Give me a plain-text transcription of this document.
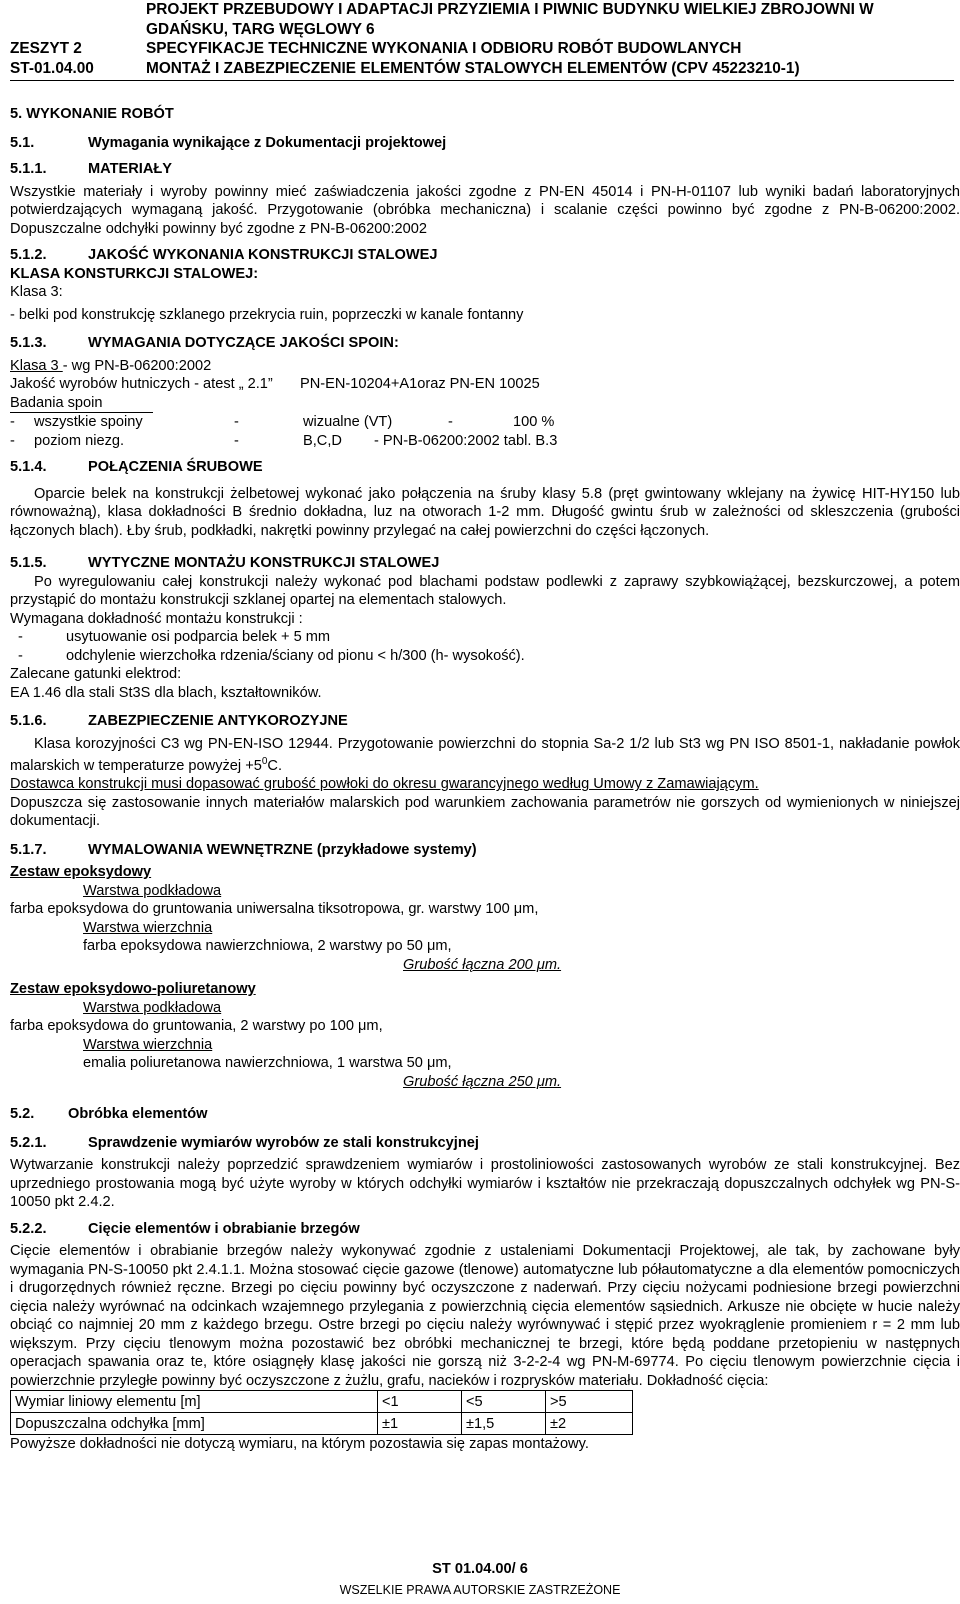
PROJEKT PRZEBUDOWY I ADAPTACJI PRZYZIEMIA I PIWNIC BUDYNKU WIELKIEJ ZBROJOWNI W
GDAŃSKU, TARG WĘGLOWY 6
ZESZYT 2	SPECYFIKACJE TECHNICZNE WYKONANIA I ODBIORU ROBÓT BUDOWLANYCH
ST-01.04.00	MONTAŻ I ZABEZPIECZENIE ELEMENTÓW STALOWYCH ELEMENTÓW (CPV 45223210-1)
5. WYKONANIE ROBÓT
5.1.	Wymagania wynikające z Dokumentacji projektowej
5.1.1.	MATERIAŁY

Wszystkie materiały i wyroby powinny mieć zaświadczenia jakości zgodne z PN-EN 45014 i PN-H-01107 lub wyniki badań laboratoryjnych potwierdzających wymaganą jakość. Przygotowanie (obróbka mechaniczna) i scalanie części powinno być zgodne z PN-B-06200:2002. Dopuszczalne odchyłki powinny być zgodne z PN-B-06200:2002

5.1.2.	JAKOŚĆ WYKONANIA KONSTRUKCJI STALOWEJ
KLASA KONSTURKCJI STALOWEJ:
Klasa 3:
- belki pod konstrukcję szklanego przekrycia ruin, poprzeczki w kanale fontanny
5.1.3.	WYMAGANIA DOTYCZĄCE JAKOŚCI SPOIN:
Klasa 3 - wg PN-B-06200:2002
Jakość wyrobów hutniczych - atest „ 2.1”	PN-EN-10204+A1oraz PN-EN 10025
Badania spoin
-	wszystkie spoiny	-	wizualne (VT)	-	100 %
-	poziom niezg.	-	B,C,D	- PN-B-06200:2002 tabl. B.3
5.1.4.	POŁĄCZENIA ŚRUBOWE

Oparcie belek na konstrukcji żelbetowej wykonać jako połączenia na śruby klasy 5.8 (pręt gwintowany wklejany na żywicę HIT-HY150 lub równoważną), klasa dokładności B średnio dokładna, luz na otworach 1-2 mm. Długość gwintu śrub w zależności od skleszczenia (grubości łączonych blach). Łby śrub, podkładki, nakrętki powinny przylegać na całej powierzchni do części łączonych.

5.1.5.	WYTYCZNE MONTAŻU KONSTRUKCJI STALOWEJ

Po wyregulowaniu całej konstrukcji należy wykonać pod blachami podstaw podlewki z zaprawy szybkowiążącej, bezskurczowej, a potem przystąpić do montażu konstrukcji szklanej opartej na elementach stalowych.

Wymagana dokładność montażu konstrukcji :
-	usytuowanie osi podparcia belek + 5 mm
-	odchylenie wierzchołka rdzenia/ściany od pionu < h/300 (h- wysokość).
Zalecane gatunki elektrod:
EA 1.46 dla stali St3S dla blach, kształtowników.
5.1.6.	ZABEZPIECZENIE ANTYKOROZYJNE

Klasa korozyjności C3 wg PN-EN-ISO 12944. Przygotowanie powierzchni do stopnia Sa-2 1/2 lub St3 wg PN ISO 8501-1, nakładanie powłok malarskich w temperaturze powyżej $+5^0C$.

Dostawca konstrukcji musi dopasować grubość powłoki do okresu gwarancyjnego według Umowy z Zamawiającym.

Dopuszcza się zastosowanie innych materiałów malarskich pod warunkiem zachowania parametrów nie gorszych od wymienionych w niniejszej dokumentacji.

5.1.7.	WYMALOWANIA WEWNĘTRZNE (przykładowe systemy)
Zestaw epoksydowy
Warstwa podkładowa
farba epoksydowa do gruntowania uniwersalna tiksotropowa, gr. warstwy 100 μm,
Warstwa wierzchnia
farba epoksydowa nawierzchniowa, 2 warstwy po 50 μm,
Grubość łączna 200 μm.
Zestaw epoksydowo-poliuretanowy
Warstwa podkładowa
farba epoksydowa do gruntowania, 2 warstwy po 100 μm,
Warstwa wierzchnia
emalia poliuretanowa nawierzchniowa, 1 warstwa 50 μm,
Grubość łączna 250 μm.
5.2.	Obróbka elementów
5.2.1.	Sprawdzenie wymiarów wyrobów ze stali konstrukcyjnej

Wytwarzanie konstrukcji należy poprzedzić sprawdzeniem wymiarów i prostoliniowości zastosowanych wyrobów ze stali konstrukcyjnej. Bez uprzedniego prostowania mogą być użyte wyroby w których odchyłki wymiarów i kształtów nie przekraczają dopuszczalnych odchyłek wg PN-S-10050 pkt 2.4.2.

5.2.2.	Cięcie elementów i obrabianie brzegów

Cięcie elementów i obrabianie brzegów należy wykonywać zgodnie z ustaleniami Dokumentacji Projektowej, ale tak, by zachowane były wymagania PN-S-10050 pkt 2.4.1.1. Można stosować cięcie gazowe (tlenowe) automatyczne lub półautomatyczne a dla elementów pomocniczych i drugorzędnych również ręczne. Brzegi po cięciu powinny być oczyszczone z naderwań. Przy cięciu nożycami podniesione brzegi powierzchni cięcia należy wyrównać na odcinkach wzajemnego przylegania z powierzchnią cięcia elementów sąsiednich. Arkusze nie obcięte w hucie należy obciąć co najmniej 20 mm z każdego brzegu. Ostre brzegi po cięciu należy wyrównywać i stępić przez wyokrąglenie promieniem r = 2 mm lub większym. Przy cięciu tlenowym można pozostawić bez obróbki mechanicznej te brzegi, które będą poddane przetopieniu w następnych operacjach spawania oraz te, które osiągnęły klasę jakości nie gorszą niż 3-2-2-4 wg PN-M-69774. Po cięciu tlenowym powierzchnie cięcia i powierzchnie przyległe powinny być oczyszczone z żużlu, grafu, nacieków i rozprysków materiału. Dokładność cięcia:

Wymiar liniowy elementu [m]	<1	<5	>5
Dopuszczalna odchyłka [mm]	±1	±1,5	±2
Powyższe dokładności nie dotyczą wymiaru, na którym pozostawia się zapas montażowy.
ST 01.04.00/ 6
WSZELKIE PRAWA AUTORSKIE ZASTRZEŻONE
